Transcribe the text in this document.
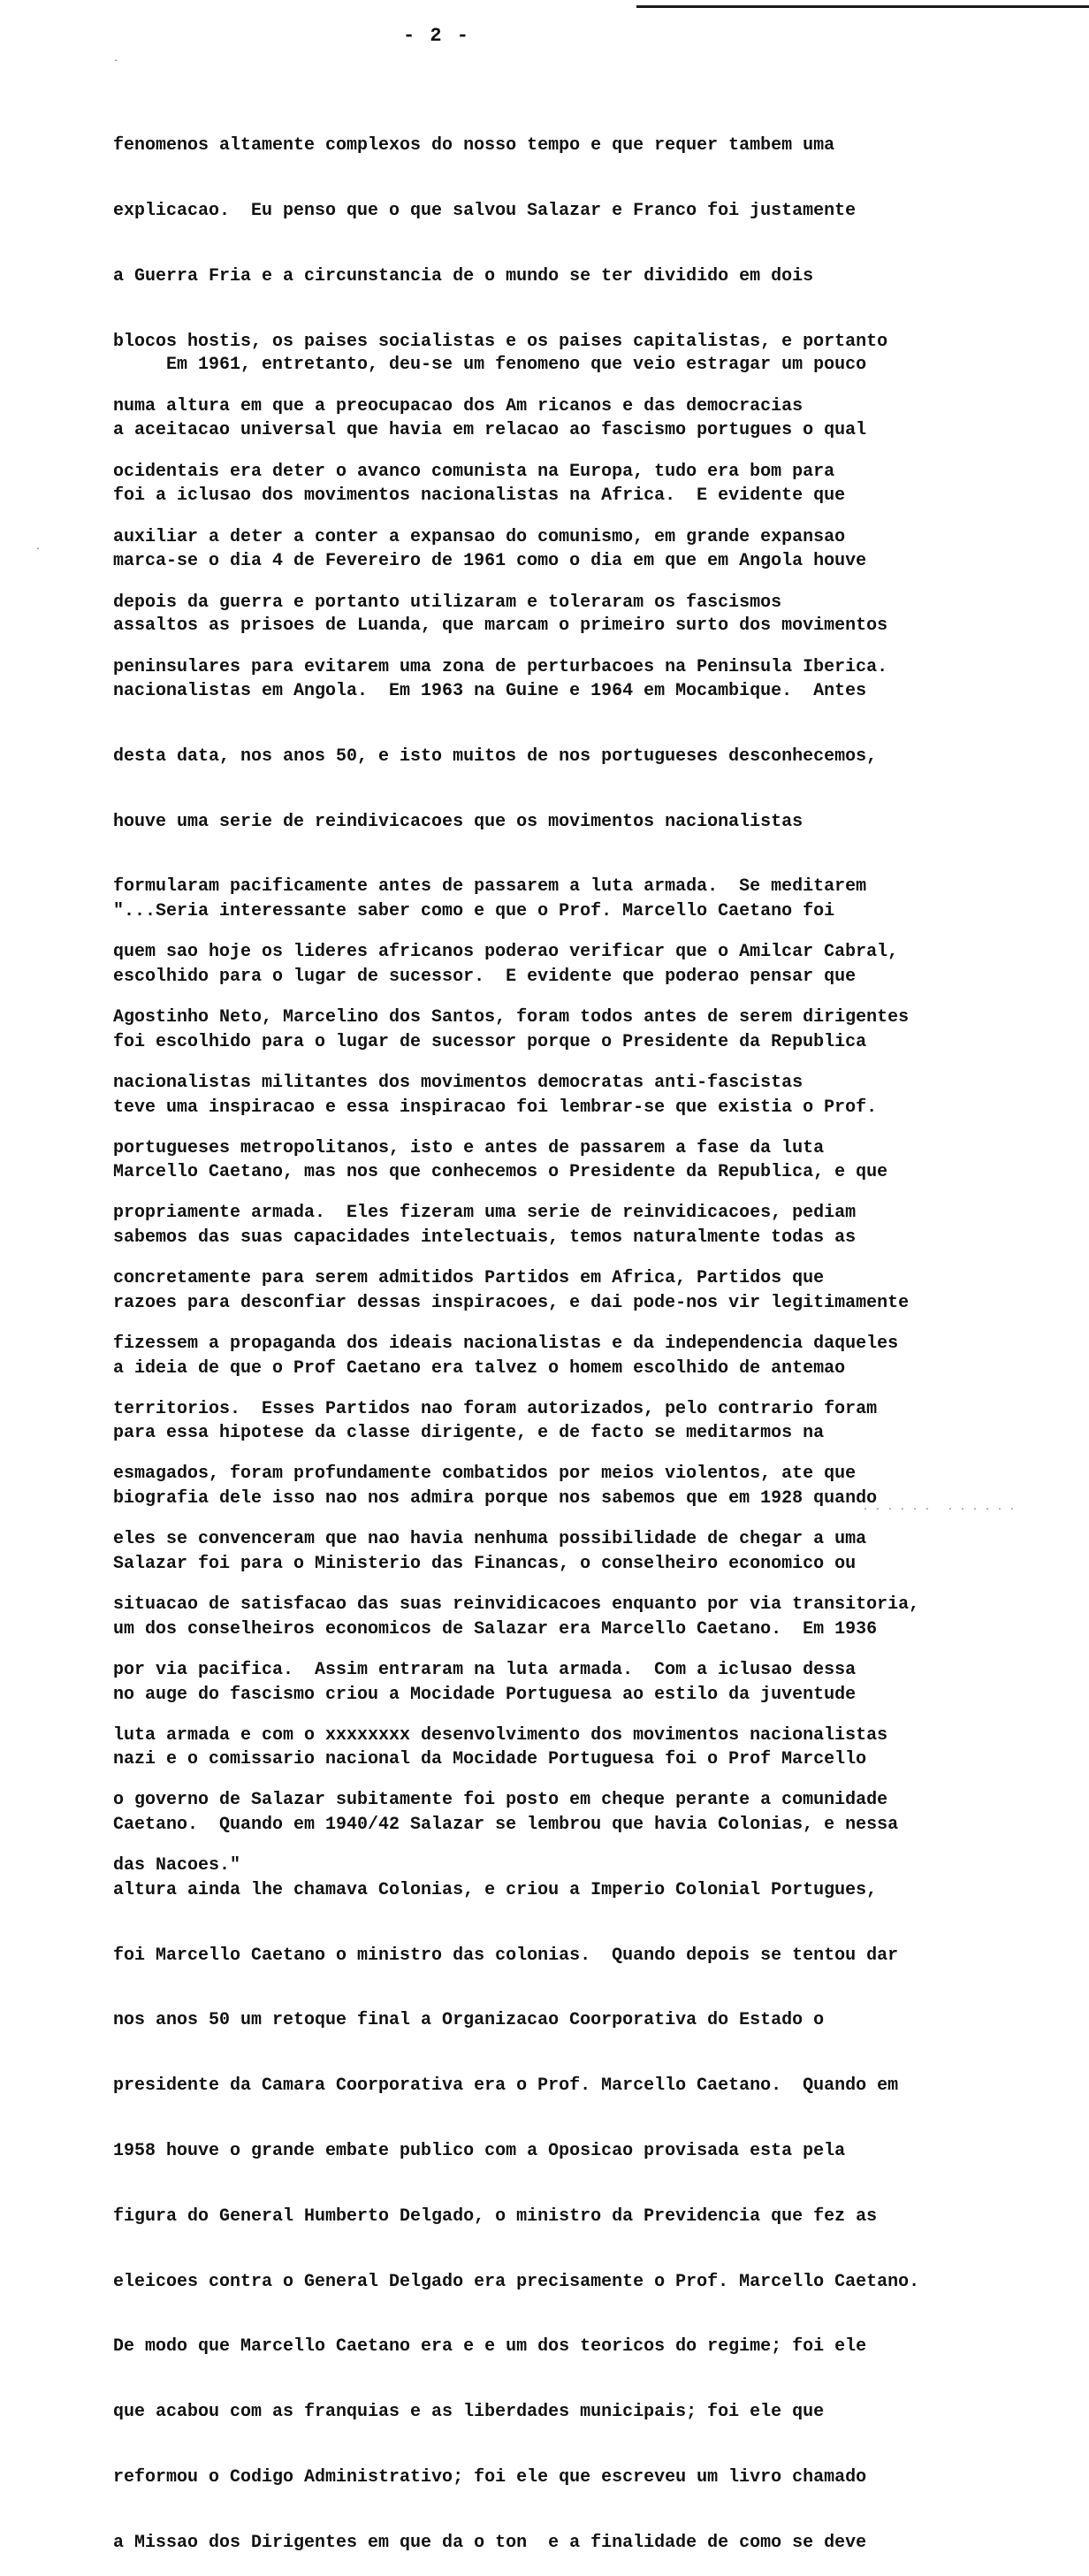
- 2 -
·
·

fenomenos altamente complexos do nosso tempo e que requer tambem uma

explicacao.  Eu penso que o que salvou Salazar e Franco foi justamente

a Guerra Fria e a circunstancia de o mundo se ter dividido em dois

blocos hostis, os paises socialistas e os paises capitalistas, e portanto

numa altura em que a preocupacao dos Am ricanos e das democracias

ocidentais era deter o avanco comunista na Europa, tudo era bom para

auxiliar a deter a conter a expansao do comunismo, em grande expansao

depois da guerra e portanto utilizaram e toleraram os fascismos

peninsulares para evitarem uma zona de perturbacoes na Peninsula Iberica.

Em 1961, entretanto, deu-se um fenomeno que veio estragar um pouco

a aceitacao universal que havia em relacao ao fascismo portugues o qual

foi a iclusao dos movimentos nacionalistas na Africa.  E evidente que

marca-se o dia 4 de Fevereiro de 1961 como o dia em que em Angola houve

assaltos as prisoes de Luanda, que marcam o primeiro surto dos movimentos

nacionalistas em Angola.  Em 1963 na Guine e 1964 em Mocambique.  Antes

desta data, nos anos 50, e isto muitos de nos portugueses desconhecemos,

houve uma serie de reindivicacoes que os movimentos nacionalistas

formularam pacificamente antes de passarem a luta armada.  Se meditarem

quem sao hoje os lideres africanos poderao verificar que o Amilcar Cabral,

Agostinho Neto, Marcelino dos Santos, foram todos antes de serem dirigentes

nacionalistas militantes dos movimentos democratas anti-fascistas

portugueses metropolitanos, isto e antes de passarem a fase da luta

propriamente armada.  Eles fizeram uma serie de reinvidicacoes, pediam

concretamente para serem admitidos Partidos em Africa, Partidos que

fizessem a propaganda dos ideais nacionalistas e da independencia daqueles

territorios.  Esses Partidos nao foram autorizados, pelo contrario foram

esmagados, foram profundamente combatidos por meios violentos, ate que

eles se convenceram que nao havia nenhuma possibilidade de chegar a uma

situacao de satisfacao das suas reinvidicacoes enquanto por via transitoria,

por via pacifica.  Assim entraram na luta armada.  Com a iclusao dessa

luta armada e com o xxxxxxxx desenvolvimento dos movimentos nacionalistas

o governo de Salazar subitamente foi posto em cheque perante a comunidade

das Nacoes."

"...Seria interessante saber como e que o Prof. Marcello Caetano foi

escolhido para o lugar de sucessor.  E evidente que poderao pensar que

foi escolhido para o lugar de sucessor porque o Presidente da Republica

teve uma inspiracao e essa inspiracao foi lembrar-se que existia o Prof.

Marcello Caetano, mas nos que conhecemos o Presidente da Republica, e que

sabemos das suas capacidades intelectuais, temos naturalmente todas as

razoes para desconfiar dessas inspiracoes, e dai pode-nos vir legitimamente

a ideia de que o Prof Caetano era talvez o homem escolhido de antemao

para essa hipotese da classe dirigente, e de facto se meditarmos na

biografia dele isso nao nos admira porque nos sabemos que em 1928 quando

Salazar foi para o Ministerio das Financas, o conselheiro economico ou

um dos conselheiros economicos de Salazar era Marcello Caetano.  Em 1936

no auge do fascismo criou a Mocidade Portuguesa ao estilo da juventude

nazi e o comissario nacional da Mocidade Portuguesa foi o Prof Marcello

Caetano.  Quando em 1940/42 Salazar se lembrou que havia Colonias, e nessa

altura ainda lhe chamava Colonias, e criou a Imperio Colonial Portugues,

foi Marcello Caetano o ministro das colonias.  Quando depois se tentou dar

nos anos 50 um retoque final a Organizacao Coorporativa do Estado o

presidente da Camara Coorporativa era o Prof. Marcello Caetano.  Quando em

1958 houve o grande embate publico com a Oposicao provisada esta pela

figura do General Humberto Delgado, o ministro da Previdencia que fez as

eleicoes contra o General Delgado era precisamente o Prof. Marcello Caetano.

De modo que Marcello Caetano era e e um dos teoricos do regime; foi ele

que acabou com as franquias e as liberdades municipais; foi ele que

reformou o Codigo Administrativo; foi ele que escreveu um livro chamado

a Missao dos Dirigentes em que da o ton  e a finalidade de como se deve

. . . . . . . . . . . .
